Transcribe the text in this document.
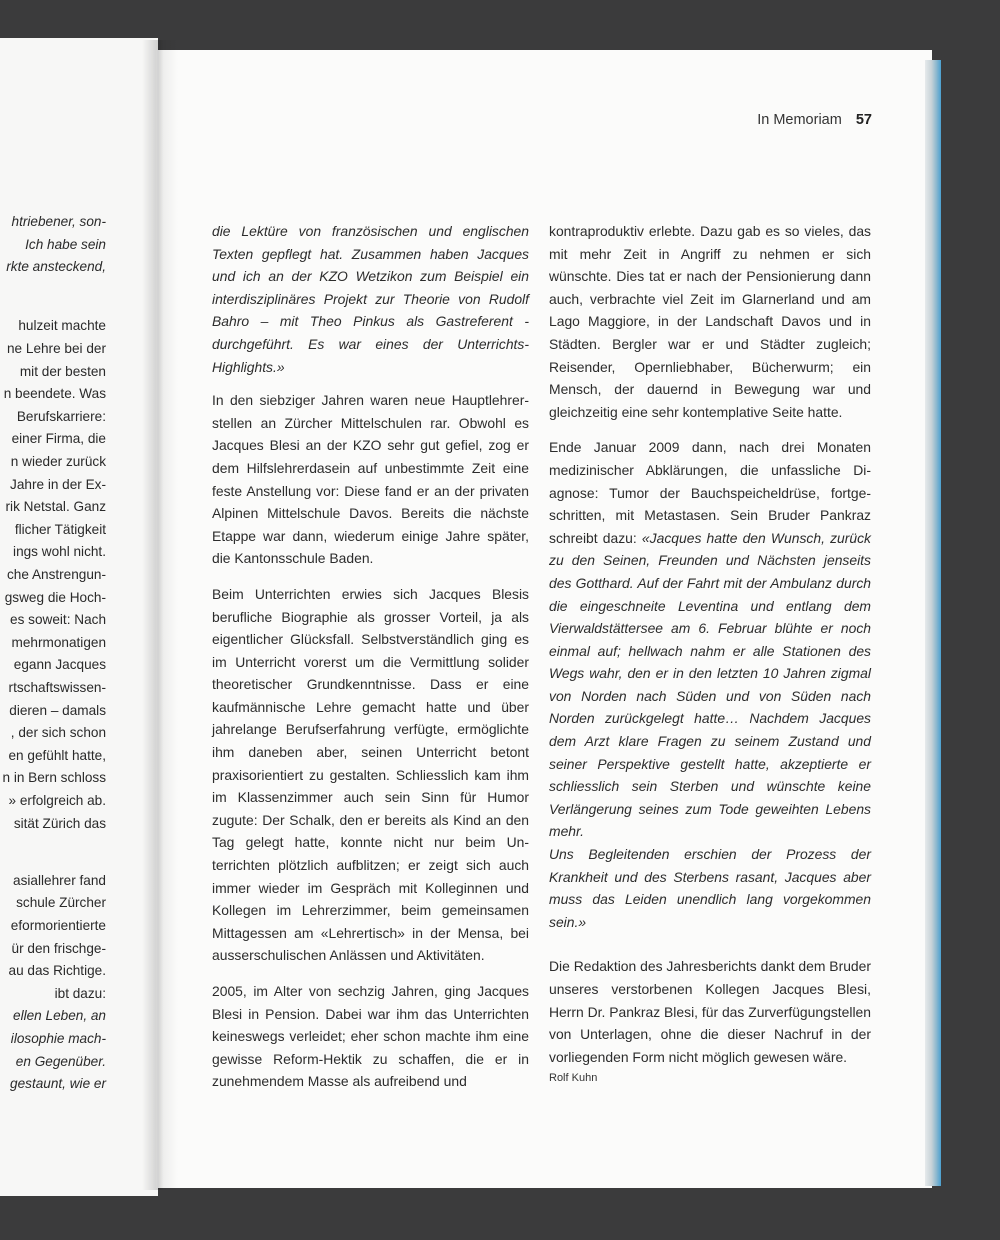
htriebener, son-
Ich habe sein
rkte ansteckend,
hulzeit machte
ne Lehre bei der
mit der besten
n beendete. Was
Berufskarriere:
einer Firma, die
n wieder zurück
Jahre in der Ex-
rik Netstal. Ganz
flicher Tätigkeit
ings wohl nicht.
che Anstrengun-
gsweg die Hoch-
es soweit: Nach
mehrmonatigen
egann Jacques
rtschaftswissen-
dieren – damals
, der sich schon
en gefühlt hatte,
n in Bern schloss
» erfolgreich ab.
sität Zürich das
asiallehrer fand
schule Zürcher
eformorientierte
ür den frischge-
au das Richtige.
ibt dazu:
ellen Leben, an
ilosophie mach-
en Gegenüber.
gestaunt, wie er
In Memoriam 57

die Lektüre von französischen und englischen Texten gepflegt hat. Zusammen haben Jacques und ich an der KZO Wetzikon zum Beispiel ein interdisziplinäres Projekt zur Theorie von Rudolf Bahro – mit Theo Pinkus als Gastreferent - durchgeführt. Es war eines der Unterrichts-Highlights.»

In den siebziger Jahren waren neue Hauptlehrerstellen an Zürcher Mittelschulen rar. Obwohl es Jacques Blesi an der KZO sehr gut gefiel, zog er dem Hilfslehrerdasein auf unbestimmte Zeit eine feste Anstellung vor: Diese fand er an der privaten Alpinen Mittelschule Davos. Bereits die nächste Etappe war dann, wiederum einige Jahre später, die Kantonsschule Baden.

Beim Unterrichten erwies sich Jacques Blesis berufliche Biographie als grosser Vorteil, ja als eigentlicher Glücksfall. Selbstverständlich ging es im Unterricht vorerst um die Vermittlung solider theoretischer Grundkenntnisse. Dass er eine kaufmännische Lehre gemacht hatte und über jahrelange Berufserfahrung verfügte, ermöglichte ihm daneben aber, seinen Unterricht betont praxisorientiert zu gestalten. Schliesslich kam ihm im Klassenzimmer auch sein Sinn für Humor zugute: Der Schalk, den er bereits als Kind an den Tag gelegt hatte, konnte nicht nur beim Unterrichten plötzlich aufblitzen; er zeigt sich auch immer wieder im Gespräch mit Kolleginnen und Kollegen im Lehrerzimmer, beim gemeinsamen Mittagessen am «Lehrertisch» in der Mensa, bei ausserschulischen Anlässen und Aktivitäten.

2005, im Alter von sechzig Jahren, ging Jacques Blesi in Pension. Dabei war ihm das Unterrichten keineswegs verleidet; eher schon machte ihm eine gewisse Reform-Hektik zu schaffen, die er in zunehmendem Masse als aufreibend und

kontraproduktiv erlebte. Dazu gab es so vieles, das mit mehr Zeit in Angriff zu nehmen er sich wünschte. Dies tat er nach der Pensionierung dann auch, verbrachte viel Zeit im Glarnerland und am Lago Maggiore, in der Landschaft Davos und in Städten. Bergler war er und Städter zugleich; Reisender, Opernliebhaber, Bücherwurm; ein Mensch, der dauernd in Bewegung war und gleichzeitig eine sehr kontemplative Seite hatte.

Ende Januar 2009 dann, nach drei Monaten medizinischer Abklärungen, die unfassliche Diagnose: Tumor der Bauchspeicheldrüse, fortgeschritten, mit Metastasen. Sein Bruder Pankraz schreibt dazu: «Jacques hatte den Wunsch, zurück zu den Seinen, Freunden und Nächsten jenseits des Gotthard. Auf der Fahrt mit der Ambulanz durch die eingeschneite Leventina und entlang dem Vierwaldstättersee am 6. Februar blühte er noch einmal auf; hellwach nahm er alle Stationen des Wegs wahr, den er in den letzten 10 Jahren zigmal von Norden nach Süden und von Süden nach Norden zurückgelegt hatte… Nachdem Jacques dem Arzt klare Fragen zu seinem Zustand und seiner Perspektive gestellt hatte, akzeptierte er schliesslich sein Sterben und wünschte keine Verlängerung seines zum Tode geweihten Lebens mehr.

Uns Begleitenden erschien der Prozess der Krankheit und des Sterbens rasant, Jacques aber muss das Leiden unendlich lang vorgekommen sein.»

Die Redaktion des Jahresberichts dankt dem Bruder unseres verstorbenen Kollegen Jacques Blesi, Herrn Dr. Pankraz Blesi, für das Zurverfügungstellen von Unterlagen, ohne die dieser Nachruf in der vorliegenden Form nicht möglich gewesen wäre.

Rolf Kuhn
